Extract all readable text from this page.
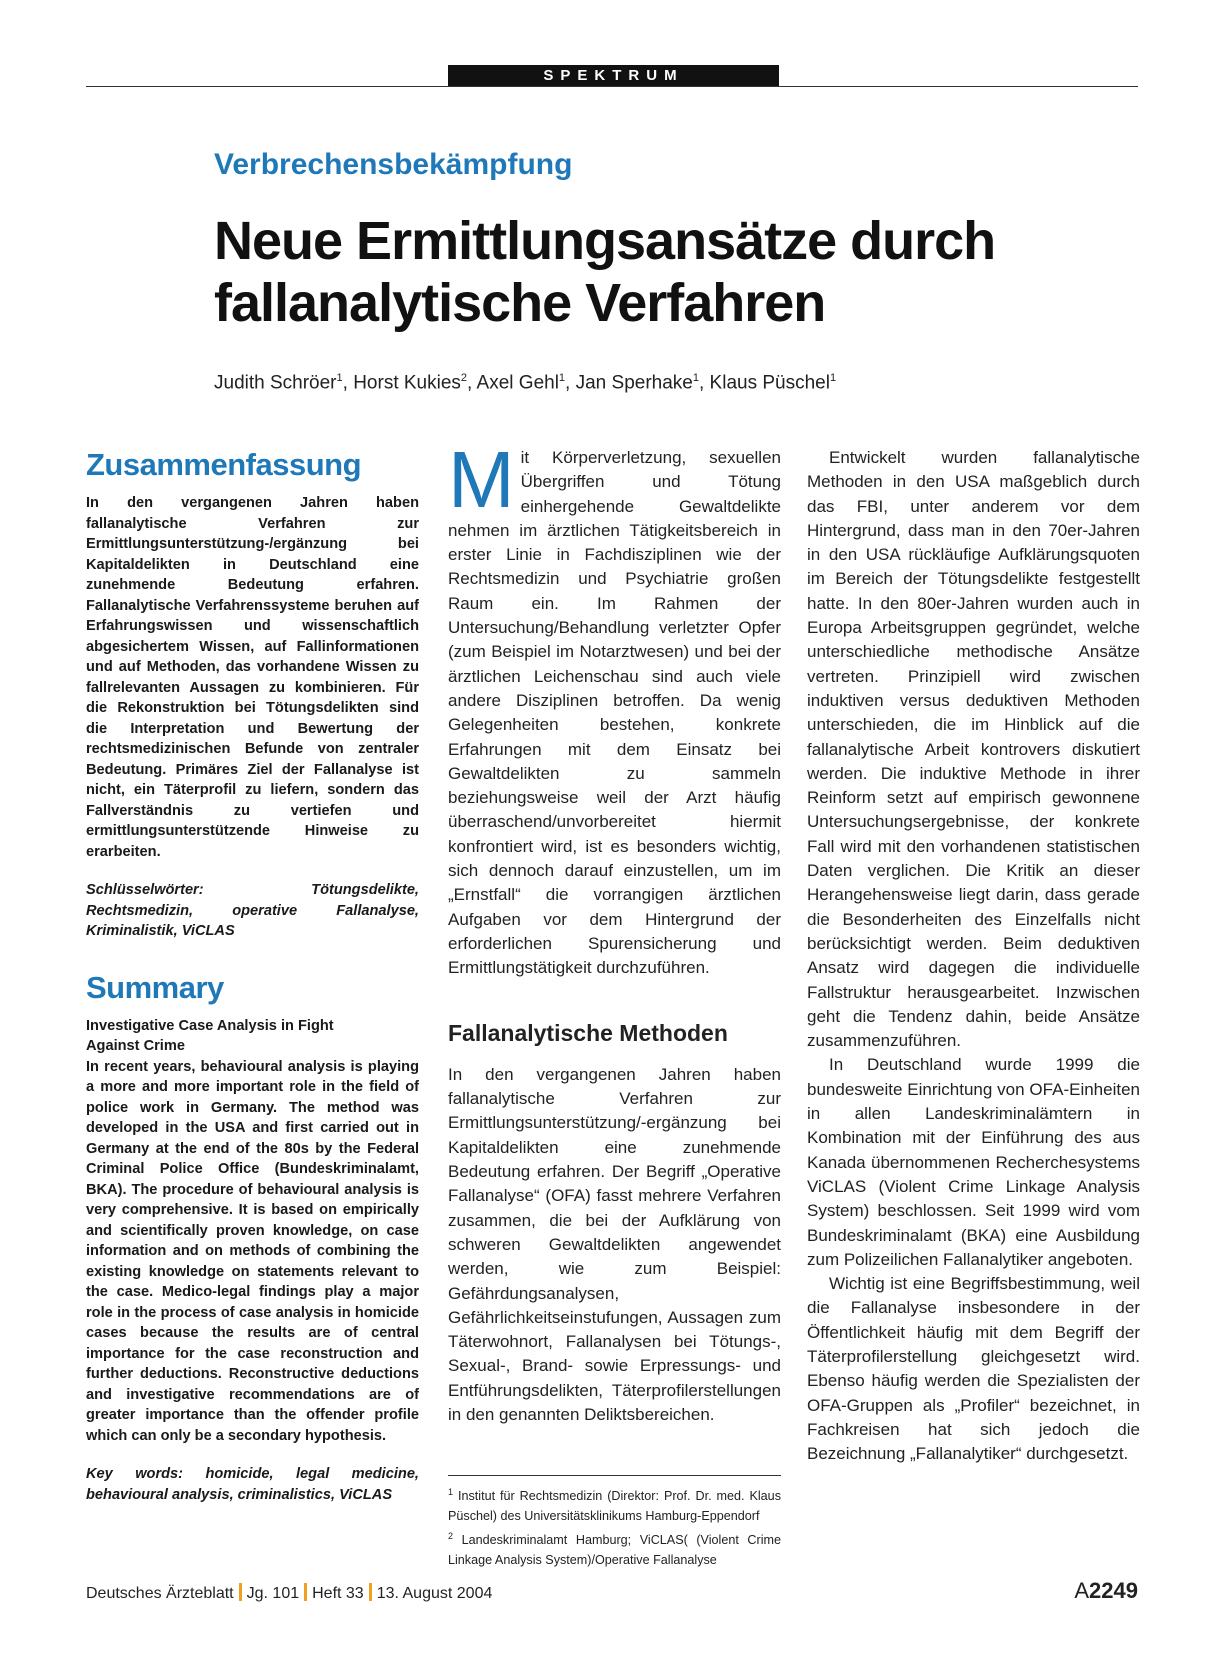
SPEKTRUM
Verbrechensbekämpfung
Neue Ermittlungsansätze durch fallanalytische Verfahren
Judith Schröer$^1$, Horst Kukies$^2$, Axel Gehl$^1$, Jan Sperhake$^1$, Klaus Püschel$^1$
Zusammenfassung

In den vergangenen Jahren haben fallanalytische Verfahren zur Ermittlungsunterstützung-/ergänzung bei Kapitaldelikten in Deutschland eine zunehmende Bedeutung erfahren. Fallanalytische Verfahrenssysteme beruhen auf Erfahrungswissen und wissenschaftlich abgesichertem Wissen, auf Fallinformationen und auf Methoden, das vorhandene Wissen zu fallrelevanten Aussagen zu kombinieren. Für die Rekonstruktion bei Tötungsdelikten sind die Interpretation und Bewertung der rechtsmedizinischen Befunde von zentraler Bedeutung. Primäres Ziel der Fallanalyse ist nicht, ein Täterprofil zu liefern, sondern das Fallverständnis zu vertiefen und ermittlungsunterstützende Hinweise zu erarbeiten.

Schlüsselwörter: Tötungsdelikte, Rechtsmedizin, operative Fallanalyse, Kriminalistik, ViCLAS

Summary

Investigative Case Analysis in Fight
Against Crime

In recent years, behavioural analysis is playing a more and more important role in the field of police work in Germany. The method was developed in the USA and first carried out in Germany at the end of the 80s by the Federal Criminal Police Office (Bundeskriminalamt, BKA). The procedure of behavioural analysis is very comprehensive. It is based on empirically and scientifically proven knowledge, on case information and on methods of combining the existing knowledge on statements relevant to the case. Medico-legal findings play a major role in the process of case analysis in homicide cases because the results are of central importance for the case reconstruction and further deductions. Reconstructive deductions and investigative recommendations are of greater importance than the offender profile which can only be a secondary hypothesis.

Key words: homicide, legal medicine, behavioural analysis, criminalistics, ViCLAS

Mit Körperverletzung, sexuellen Übergriffen und Tötung einhergehende Gewaltdelikte nehmen im ärztlichen Tätigkeitsbereich in erster Linie in Fachdisziplinen wie der Rechtsmedizin und Psychiatrie großen Raum ein. Im Rahmen der Untersuchung/Behandlung verletzter Opfer (zum Beispiel im Notarztwesen) und bei der ärztlichen Leichenschau sind auch viele andere Disziplinen betroffen. Da wenig Gelegenheiten bestehen, konkrete Erfahrungen mit dem Einsatz bei Gewaltdelikten zu sammeln beziehungsweise weil der Arzt häufig überraschend/unvorbereitet hiermit konfrontiert wird, ist es besonders wichtig, sich dennoch darauf einzustellen, um im „Ernstfall“ die vorrangigen ärztlichen Aufgaben vor dem Hintergrund der erforderlichen Spurensicherung und Ermittlungstätigkeit durchzuführen.

Fallanalytische Methoden

In den vergangenen Jahren haben fallanalytische Verfahren zur Ermittlungsunterstützung/-ergänzung bei Kapitaldelikten eine zunehmende Bedeutung erfahren. Der Begriff „Operative Fallanalyse“ (OFA) fasst mehrere Verfahren zusammen, die bei der Aufklärung von schweren Gewaltdelikten angewendet werden, wie zum Beispiel: Gefährdungsanalysen, Gefährlichkeitseinstufungen, Aussagen zum Täterwohnort, Fallanalysen bei Tötungs-, Sexual-, Brand- sowie Erpressungs- und Entführungsdelikten, Täterprofilerstellungen in den genannten Deliktsbereichen.

$^1$ Institut für Rechtsmedizin (Direktor: Prof. Dr. med. Klaus Püschel) des Universitätsklinikums Hamburg-Eppendorf

$^2$ Landeskriminalamt Hamburg; ViCLAS( (Violent Crime Linkage Analysis System)/Operative Fallanalyse

Entwickelt wurden fallanalytische Methoden in den USA maßgeblich durch das FBI, unter anderem vor dem Hintergrund, dass man in den 70er-Jahren in den USA rückläufige Aufklärungsquoten im Bereich der Tötungsdelikte festgestellt hatte. In den 80er-Jahren wurden auch in Europa Arbeitsgruppen gegründet, welche unterschiedliche methodische Ansätze vertreten. Prinzipiell wird zwischen induktiven versus deduktiven Methoden unterschieden, die im Hinblick auf die fallanalytische Arbeit kontrovers diskutiert werden. Die induktive Methode in ihrer Reinform setzt auf empirisch gewonnene Untersuchungsergebnisse, der konkrete Fall wird mit den vorhandenen statistischen Daten verglichen. Die Kritik an dieser Herangehensweise liegt darin, dass gerade die Besonderheiten des Einzelfalls nicht berücksichtigt werden. Beim deduktiven Ansatz wird dagegen die individuelle Fallstruktur herausgearbeitet. Inzwischen geht die Tendenz dahin, beide Ansätze zusammenzuführen.

In Deutschland wurde 1999 die bundesweite Einrichtung von OFA-Einheiten in allen Landeskriminalämtern in Kombination mit der Einführung des aus Kanada übernommenen Recherchesystems ViCLAS (Violent Crime Linkage Analysis System) beschlossen. Seit 1999 wird vom Bundeskriminalamt (BKA) eine Ausbildung zum Polizeilichen Fallanalytiker angeboten.

Wichtig ist eine Begriffsbestimmung, weil die Fallanalyse insbesondere in der Öffentlichkeit häufig mit dem Begriff der Täterprofilerstellung gleichgesetzt wird. Ebenso häufig werden die Spezialisten der OFA-Gruppen als „Profiler“ bezeichnet, in Fachkreisen hat sich jedoch die Bezeichnung „Fallanalytiker“ durchgesetzt.

Deutsches Ärzteblatt Jg. 101 Heft 33 13. August 2004	A2249
